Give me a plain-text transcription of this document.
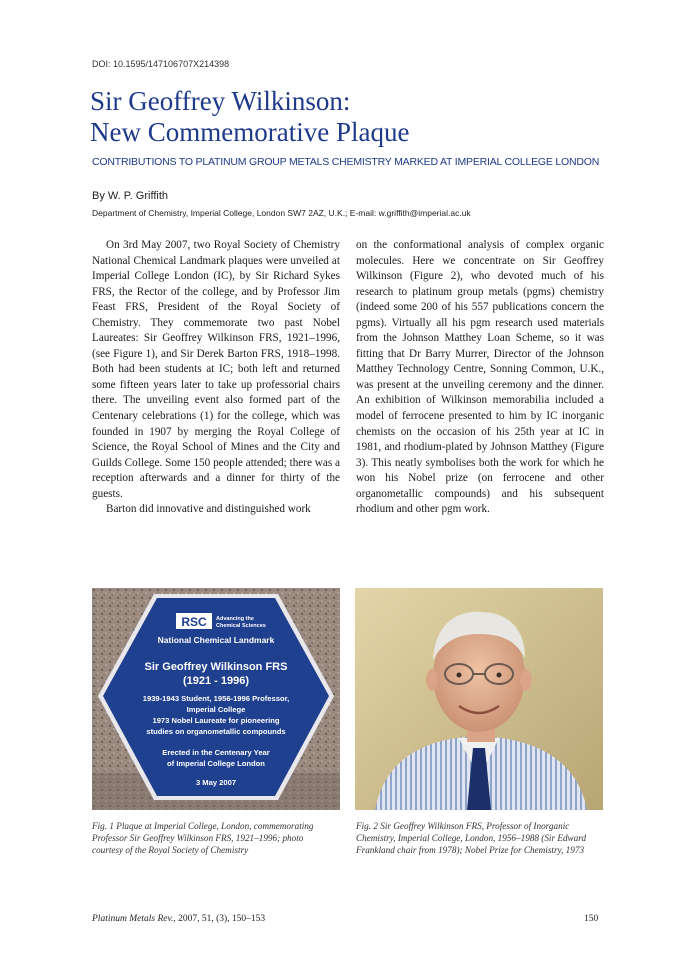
DOI: 10.1595/147106707X214398
Sir Geoffrey Wilkinson:
New Commemorative Plaque
CONTRIBUTIONS TO PLATINUM GROUP METALS CHEMISTRY MARKED AT IMPERIAL COLLEGE LONDON
By W. P. Griffith
Department of Chemistry, Imperial College, London SW7 2AZ, U.K.; E-mail: w.griffith@imperial.ac.uk

On 3rd May 2007, two Royal Society of Chemistry National Chemical Landmark plaques were unveiled at Imperial College London (IC), by Sir Richard Sykes FRS, the Rector of the college, and by Professor Jim Feast FRS, President of the Royal Society of Chemistry. They commemorate two past Nobel Laureates: Sir Geoffrey Wilkinson FRS, 1921–1996, (see Figure 1), and Sir Derek Barton FRS, 1918–1998. Both had been students at IC; both left and returned some fifteen years later to take up professorial chairs there. The unveiling event also formed part of the Centenary celebrations (1) for the college, which was founded in 1907 by merging the Royal College of Science, the Royal School of Mines and the City and Guilds College. Some 150 people attended; there was a reception afterwards and a dinner for thirty of the guests.

Barton did innovative and distinguished work

on the conformational analysis of complex organic molecules. Here we concentrate on Sir Geoffrey Wilkinson (Figure 2), who devoted much of his research to platinum group metals (pgms) chemistry (indeed some 200 of his 557 publications concern the pgms). Virtually all his pgm research used materials from the Johnson Matthey Loan Scheme, so it was fitting that Dr Barry Murrer, Director of the Johnson Matthey Technology Centre, Sonning Common, U.K., was present at the unveiling ceremony and the dinner. An exhibition of Wilkinson memorabilia included a model of ferrocene presented to him by IC inorganic chemists on the occasion of his 25th year at IC in 1981, and rhodium-plated by Johnson Matthey (Figure 3). This neatly symbolises both the work for which he won his Nobel prize (on ferrocene and other organometallic compounds) and his subsequent rhodium and other pgm work.

RSC Advancing the
Chemical Sciences
National Chemical Landmark
Sir Geoffrey Wilkinson FRS
(1921 - 1996)
1939-1943 Student, 1956-1996 Professor,
Imperial College
1973 Nobel Laureate for pioneering
studies on organometallic compounds
Erected in the Centenary Year
of Imperial College London
3 May 2007
Fig. 1 Plaque at Imperial College, London, commemorating Professor Sir Geoffrey Wilkinson FRS, 1921–1996; photo courtesy of the Royal Society of Chemistry
Fig. 2 Sir Geoffrey Wilkinson FRS, Professor of Inorganic Chemistry, Imperial College, London, 1956–1988 (Sir Edward Frankland chair from 1978); Nobel Prize for Chemistry, 1973
Platinum Metals Rev., 2007, 51, (3), 150–153	150
